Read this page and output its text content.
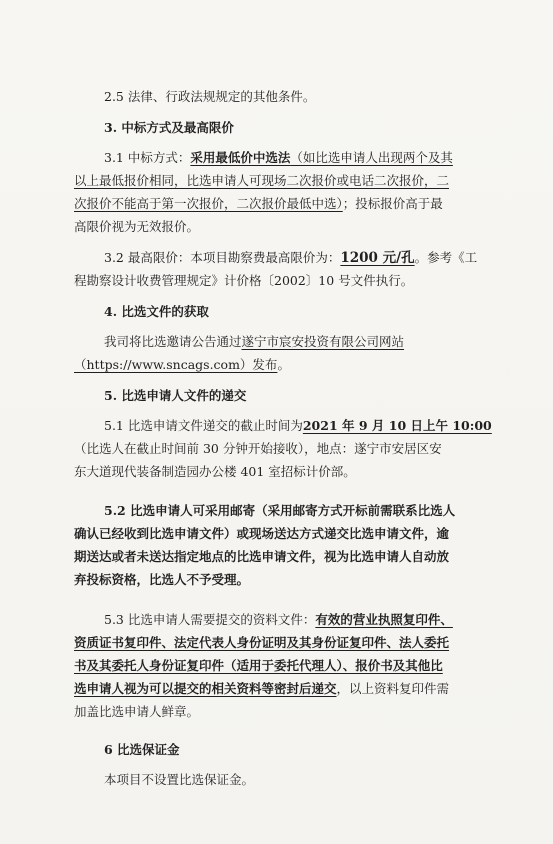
2.5 法律、行政法规规定的其他条件。
3. 中标方式及最高限价
3.1 中标方式：采用最低价中选法（如比选申请人出现两个及其
以上最低报价相同，比选申请人可现场二次报价或电话二次报价，二
次报价不能高于第一次报价，二次报价最低中选）；投标报价高于最
高限价视为无效报价。
3.2 最高限价：本项目勘察费最高限价为：1200 元/孔。参考《工
程勘察设计收费管理规定》计价格〔2002〕10 号文件执行。
4. 比选文件的获取
我司将比选邀请公告通过遂宁市宸安投资有限公司网站
（https://www.sncags.com）发布。
5. 比选申请人文件的递交
5.1 比选申请文件递交的截止时间为2021 年 9 月 10 日上午 10:00
（比选人在截止时间前 30 分钟开始接收），地点：遂宁市安居区安
东大道现代装备制造园办公楼 401 室招标计价部。
5.2 比选申请人可采用邮寄（采用邮寄方式开标前需联系比选人
确认已经收到比选申请文件）或现场送达方式递交比选申请文件，逾
期送达或者未送达指定地点的比选申请文件，视为比选申请人自动放
弃投标资格，比选人不予受理。
5.3 比选申请人需要提交的资料文件：有效的营业执照复印件、
资质证书复印件、法定代表人身份证明及其身份证复印件、法人委托
书及其委托人身份证复印件（适用于委托代理人）、报价书及其他比
选申请人视为可以提交的相关资料等密封后递交，以上资料复印件需
加盖比选申请人鲜章。
6 比选保证金
本项目不设置比选保证金。
